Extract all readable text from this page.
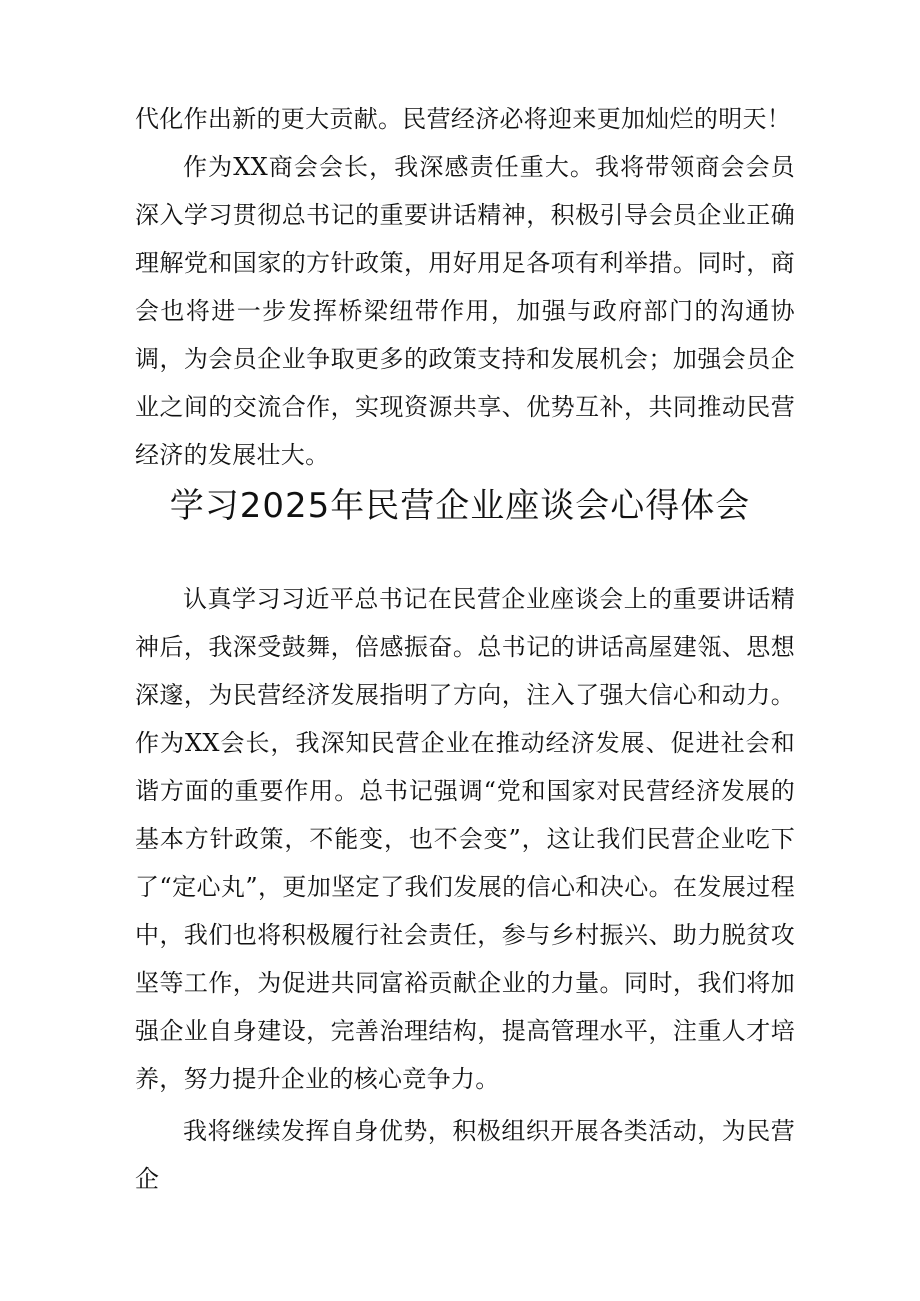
代化作出新的更大贡献。民营经济必将迎来更加灿烂的明天！

作为XX商会会长，我深感责任重大。我将带领商会会员深入学习贯彻总书记的重要讲话精神，积极引导会员企业正确理解党和国家的方针政策，用好用足各项有利举措。同时，商会也将进一步发挥桥梁纽带作用，加强与政府部门的沟通协调，为会员企业争取更多的政策支持和发展机会；加强会员企业之间的交流合作，实现资源共享、优势互补，共同推动民营经济的发展壮大。

学习2025年民营企业座谈会心得体会

认真学习习近平总书记在民营企业座谈会上的重要讲话精神后，我深受鼓舞，倍感振奋。总书记的讲话高屋建瓴、思想深邃，为民营经济发展指明了方向，注入了强大信心和动力。作为XX会长，我深知民营企业在推动经济发展、促进社会和谐方面的重要作用。总书记强调“党和国家对民营经济发展的基本方针政策，不能变，也不会变”，这让我们民营企业吃下了“定心丸”，更加坚定了我们发展的信心和决心。在发展过程中，我们也将积极履行社会责任，参与乡村振兴、助力脱贫攻坚等工作，为促进共同富裕贡献企业的力量。同时，我们将加强企业自身建设，完善治理结构，提高管理水平，注重人才培养，努力提升企业的核心竞争力。

我将继续发挥自身优势，积极组织开展各类活动，为民营企
